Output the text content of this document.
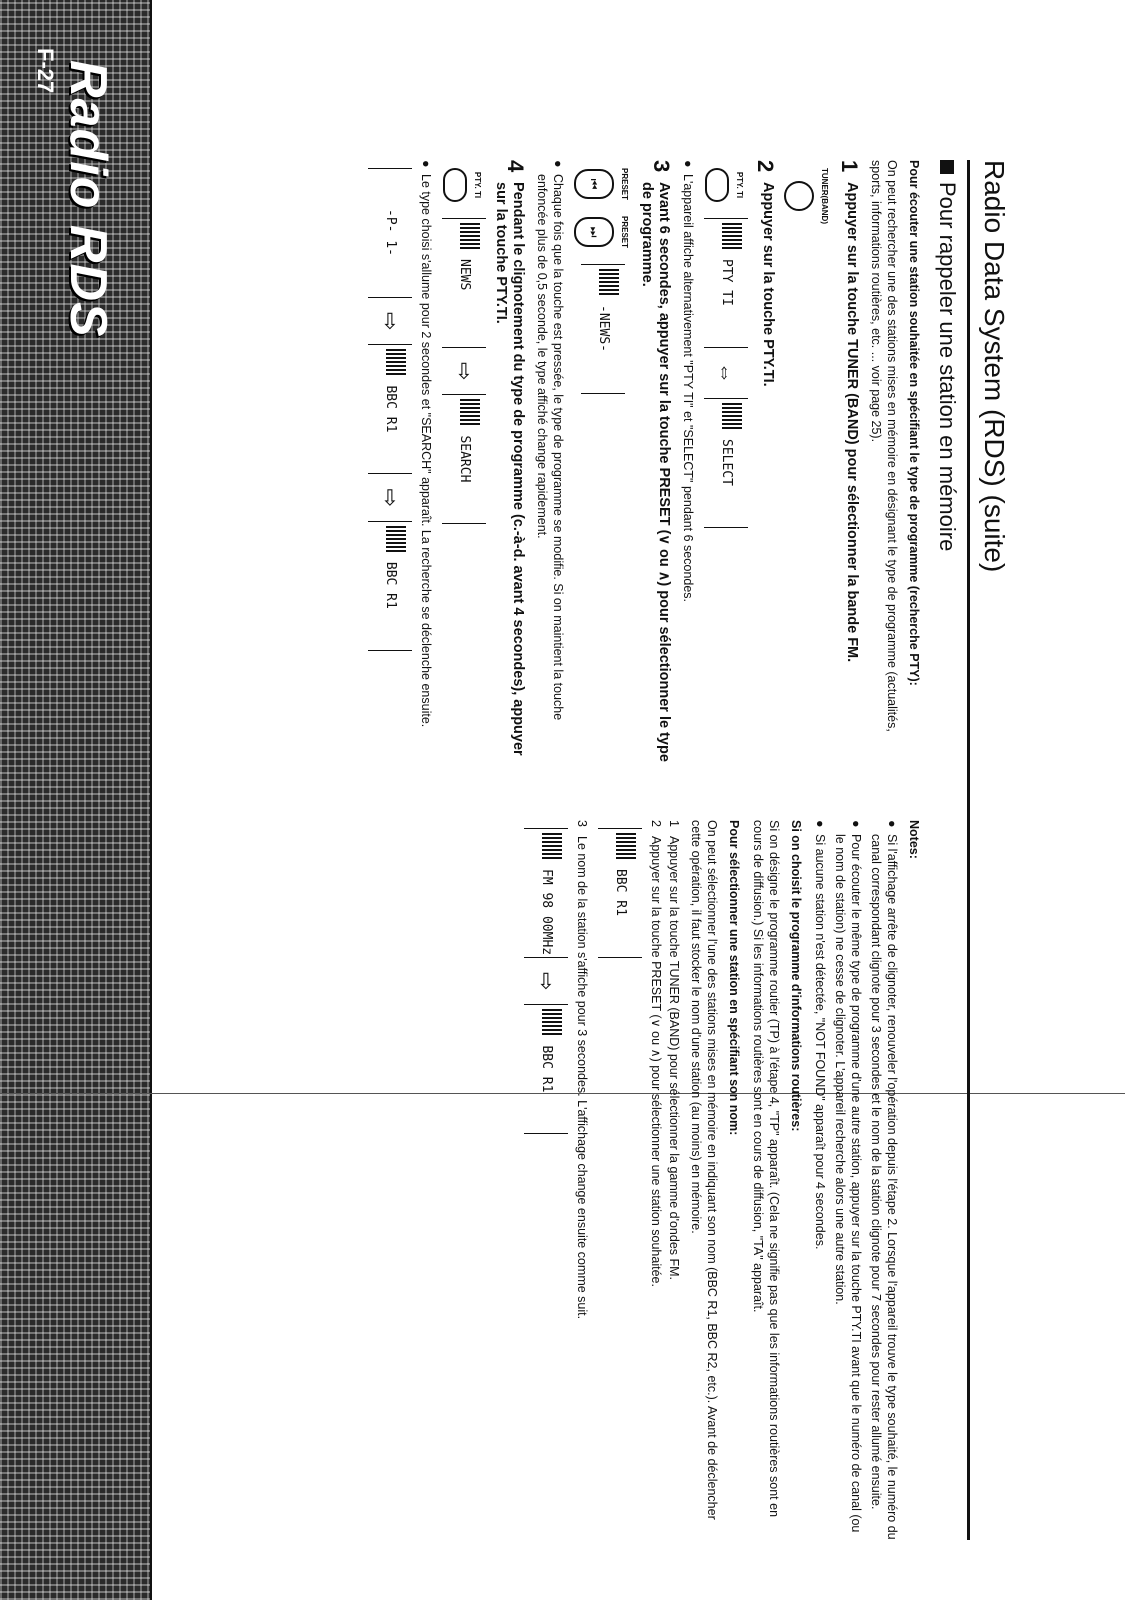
Radio RDS
F-27
Radio Data System (RDS) (suite)
Pour rappeler une station en mémoire

Pour écouter une station souhaitée en spécifiant le type de programme (recherche PTY):

On peut rechercher une des stations mises en mémoire en désignant le type de programme (actualités, sports, informations routières, etc. ... voir page 25).

1
Appuyer sur la touche TUNER (BAND) pour sélectionner la bande FM.
TUNER(BAND)
2
Appuyer sur la touche PTY.TI.
PTY. TI
PTY TI
⇔
SELECT
●
L'appareil affiche alternativement "PTY TI" et "SELECT" pendant 6 secondes.
3
Avant 6 secondes, appuyer sur la touche PRESET (∨ ou ∧) pour sélectionner le type de programme.
PRESET
⏮
PRESET
⏭
-NEWS-
●
Chaque fois que la touche est pressée, le type de programme se modifie. Si on maintient la touche enfoncée plus de 0,5 seconde, le type affiché change rapidement.
4
Pendant le clignotement du type de programme (c.-à-d. avant 4 secondes), appuyer sur la touche PTY.TI.
PTY. TI
NEWS
⇨
SEARCH
●
Le type choisi s'allume pour 2 secondes et "SEARCH" apparaît. La recherche se déclenche ensuite.
-P- 1-
⇨
BBC R1
⇨
BBC R1

Notes:

●
Si l'affichage arrête de clignoter, renouveler l'opération depuis l'étape 2. Lorsque l'appareil trouve le type souhaité, le numéro du canal correspondant clignote pour 3 secondes et le nom de la station clignote pour 7 secondes pour rester allumé ensuite.
●
Pour écouter le même type de programme d'une autre station, appuyer sur la touche PTY.TI avant que le numéro de canal (ou le nom de station) ne cesse de clignoter. L'appareil recherche alors une autre station.
●
Si aucune station n'est détectée, "NOT FOUND" apparaît pour 4 secondes.

Si on choisit le programme d'informations routières:

Si on désigne le programme routier (TP) à l'étape 4, "TP" apparaît. (Cela ne signifie pas que les informations routières sont en cours de diffusion.) Si les informations routières sont en cours de diffusion, "TA" apparaît.

Pour sélectionner une station en spécifiant son nom:

On peut sélectionner l'une des stations mises en mémoire en indiquant son nom (BBC R1, BBC R2, etc.). Avant de déclencher cette opération, il faut stocker le nom d'une station (au moins) en mémoire.

1
Appuyer sur la touche TUNER (BAND) pour sélectionner la gamme d'ondes FM.
2
Appuyer sur la touche PRESET (∨ ou ∧) pour sélectionner une station souhaitée.
BBC R1
3
Le nom de la station s'affiche pour 3 secondes. L'affichage change ensuite comme suit.
FM 98 00MHz
⇨
BBC R1
